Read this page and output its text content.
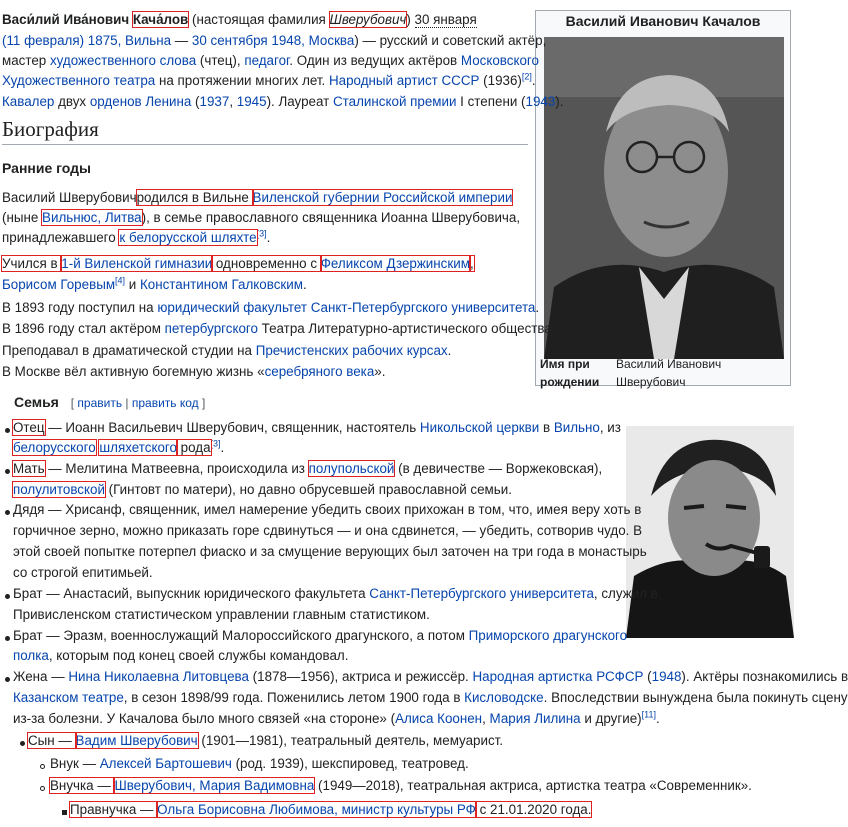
Василий Иванович Качалов
Имя при рождении
Василий Иванович Шверубович

Васи́лий Ива́нович Кача́лов (настоящая фамилия Шверубович) 30 января

(11 февраля) 1875, Вильна — 30 сентября 1948, Москва) — русский и советский актёр,

мастер художественного слова (чтец), педагог. Один из ведущих актёров Московского

Художественного театра на протяжении многих лет. Народный артист СССР (1936)[2].

Кавалер двух орденов Ленина (1937, 1945). Лауреат Сталинской премии I степени (1943).

Биография
Ранние годы

Василий Шверубовичродился в Вильне Виленской губернии Российской империи

(ныне Вильнюс, Литва), в семье православного священника Иоанна Шверубовича,

принадлежавшего к белорусской шляхте[3].

Учился в 1-й Виленской гимназии одновременно с Феликсом Дзержинским,

Борисом Горевым[4] и Константином Галковским.

В 1893 году поступил на юридический факультет Санкт-Петербургского университета.

В 1896 году стал актёром петербургского Театра Литературно-артистического общества

Преподавал в драматической студии на Пречистенских рабочих курсах.

В Москве вёл активную богемную жизнь «серебряного века».

Семья [ править | править код ]

Отец — Иоанн Васильевич Шверубович, священник, настоятель Никольской церкви в Вильно, из

белорусского шляхетского рода[3].

Мать — Мелитина Матвеевна, происходила из полупольской (в девичестве — Воржековская),

полулитовской (Гинтовт по матери), но давно обрусевшей православной семьи.

Дядя — Хрисанф, священник, имел намерение убедить своих прихожан в том, что, имея веру хоть в

горчичное зерно, можно приказать горе сдвинуться — и она сдвинется, — убедить, сотворив чудо. В

этой своей попытке потерпел фиаско и за смущение верующих был заточен на три года в монастырь

со строгой епитимьей.

Брат — Анастасий, выпускник юридического факультета Санкт-Петербургского университета, служил в

Привисленском статистическом управлении главным статистиком.

Брат — Эразм, военнослужащий Малороссийского драгунского, а потом Приморского драгунского

полка, которым под конец своей службы командовал.

Жена — Нина Николаевна Литовцева (1878—1956), актриса и режиссёр. Народная артистка РСФСР (1948). Актёры познакомились в

Казанском театре, в сезон 1898/99 года. Поженились летом 1900 года в Кисловодске. Впоследствии вынуждена была покинуть сцену

из-за болезни. У Качалова было много связей «на стороне» (Алиса Коонен, Мария Лилина и другие)[11].

Сын — Вадим Шверубович (1901—1981), театральный деятель, мемуарист.

Внук — Алексей Бартошевич (род. 1939), шекспировед, театровед.

Внучка — Шверубович, Мария Вадимовна (1949—2018), театральная актриса, артистка театра «Современник».

Правнучка — Ольга Борисовна Любимова, министр культуры РФ с 21.01.2020 года.
